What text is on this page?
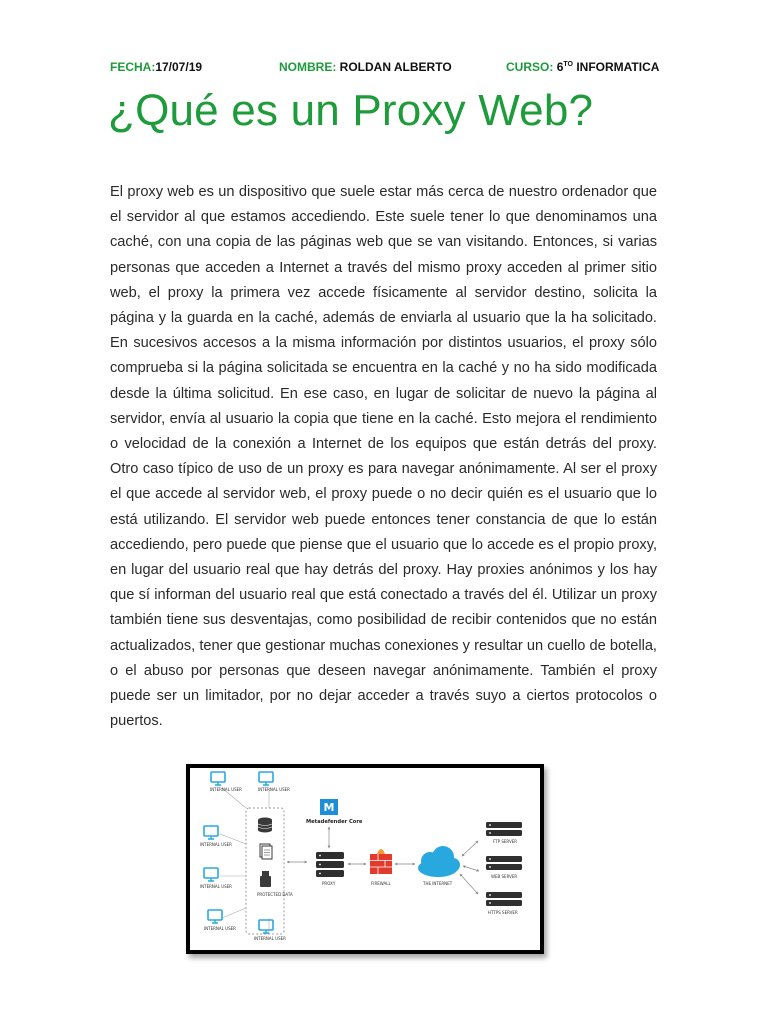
FECHA:17/07/19	NOMBRE: ROLDAN ALBERTO	CURSO: $6^{TO}$ INFORMATICA
¿Qué es un Proxy Web?

El proxy web es un dispositivo que suele estar más cerca de nuestro ordenador que el servidor al que estamos accediendo. Este suele tener lo que denominamos una caché, con una copia de las páginas web que se van visitando. Entonces, si varias personas que acceden a Internet a través del mismo proxy acceden al primer sitio web, el proxy la primera vez accede físicamente al servidor destino, solicita la página y la guarda en la caché, además de enviarla al usuario que la ha solicitado. En sucesivos accesos a la misma información por distintos usuarios, el proxy sólo comprueba si la página solicitada se encuentra en la caché y no ha sido modificada desde la última solicitud. En ese caso, en lugar de solicitar de nuevo la página al servidor, envía al usuario la copia que tiene en la caché. Esto mejora el rendimiento o velocidad de la conexión a Internet de los equipos que están detrás del proxy. Otro caso típico de uso de un proxy es para navegar anónimamente. Al ser el proxy el que accede al servidor web, el proxy puede o no decir quién es el usuario que lo está utilizando. El servidor web puede entonces tener constancia de que lo están accediendo, pero puede que piense que el usuario que lo accede es el propio proxy, en lugar del usuario real que hay detrás del proxy. Hay proxies anónimos y los hay que sí informan del usuario real que está conectado a través del él. Utilizar un proxy también tiene sus desventajas, como posibilidad de recibir contenidos que no están actualizados, tener que gestionar muchas conexiones y resultar un cuello de botella, o el abuso por personas que deseen navegar anónimamente. También el proxy puede ser un limitador, por no dejar acceder a través suyo a ciertos protocolos o puertos.

INTERNAL USER	INTERNAL USER
INTERNAL USER
INTERNAL USER
INTERNAL USER
INTERNAL USER
PROTECTED DATA
M
Metadefender Core
PROXY	FIREWALL	THE INTERNET
FTP SERVER
WEB SERVER
HTTPS SERVER
